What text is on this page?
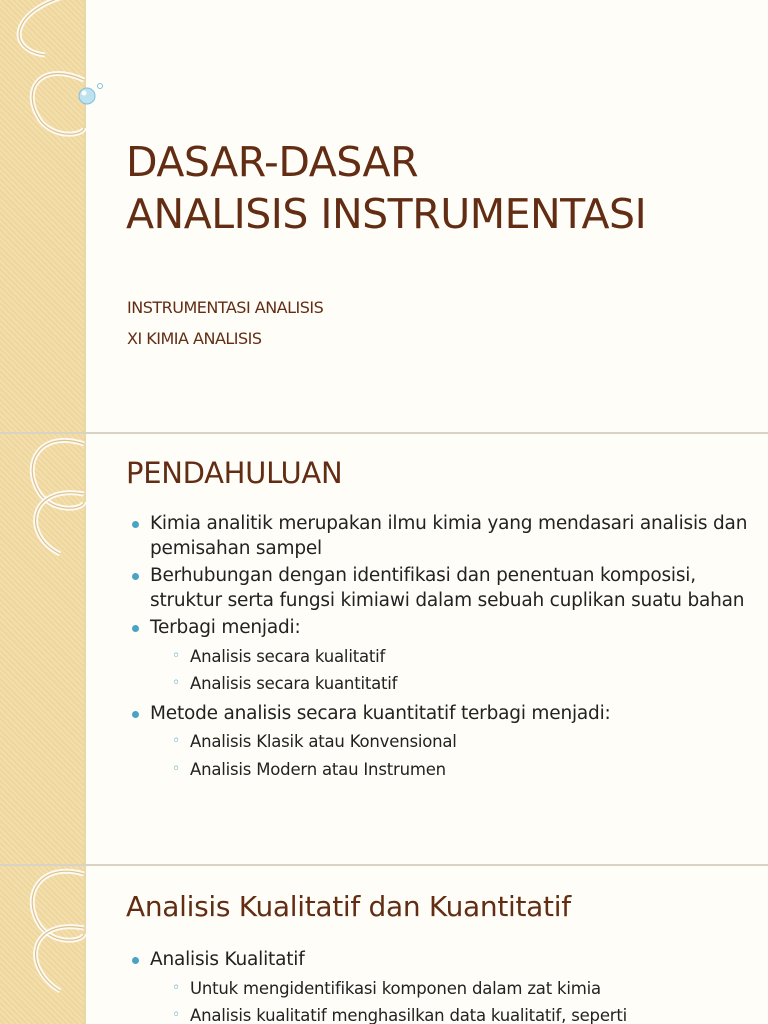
DASAR-DASAR
ANALISIS INSTRUMENTASI
INSTRUMENTASI ANALISIS
XI KIMIA ANALISIS
PENDAHULUAN
Kimia analitik merupakan ilmu kimia yang mendasari analisis dan pemisahan sampel
Berhubungan dengan identifikasi dan penentuan komposisi, struktur serta fungsi kimiawi dalam sebuah cuplikan suatu bahan
Terbagi menjadi:
◦ Analisis secara kualitatif
◦ Analisis secara kuantitatif
Metode analisis secara kuantitatif terbagi menjadi:
◦ Analisis Klasik atau Konvensional
◦ Analisis Modern atau Instrumen
Analisis Kualitatif dan Kuantitatif
Analisis Kualitatif
◦ Untuk mengidentifikasi komponen dalam zat kimia
◦ Analisis kualitatif menghasilkan data kualitatif, seperti
